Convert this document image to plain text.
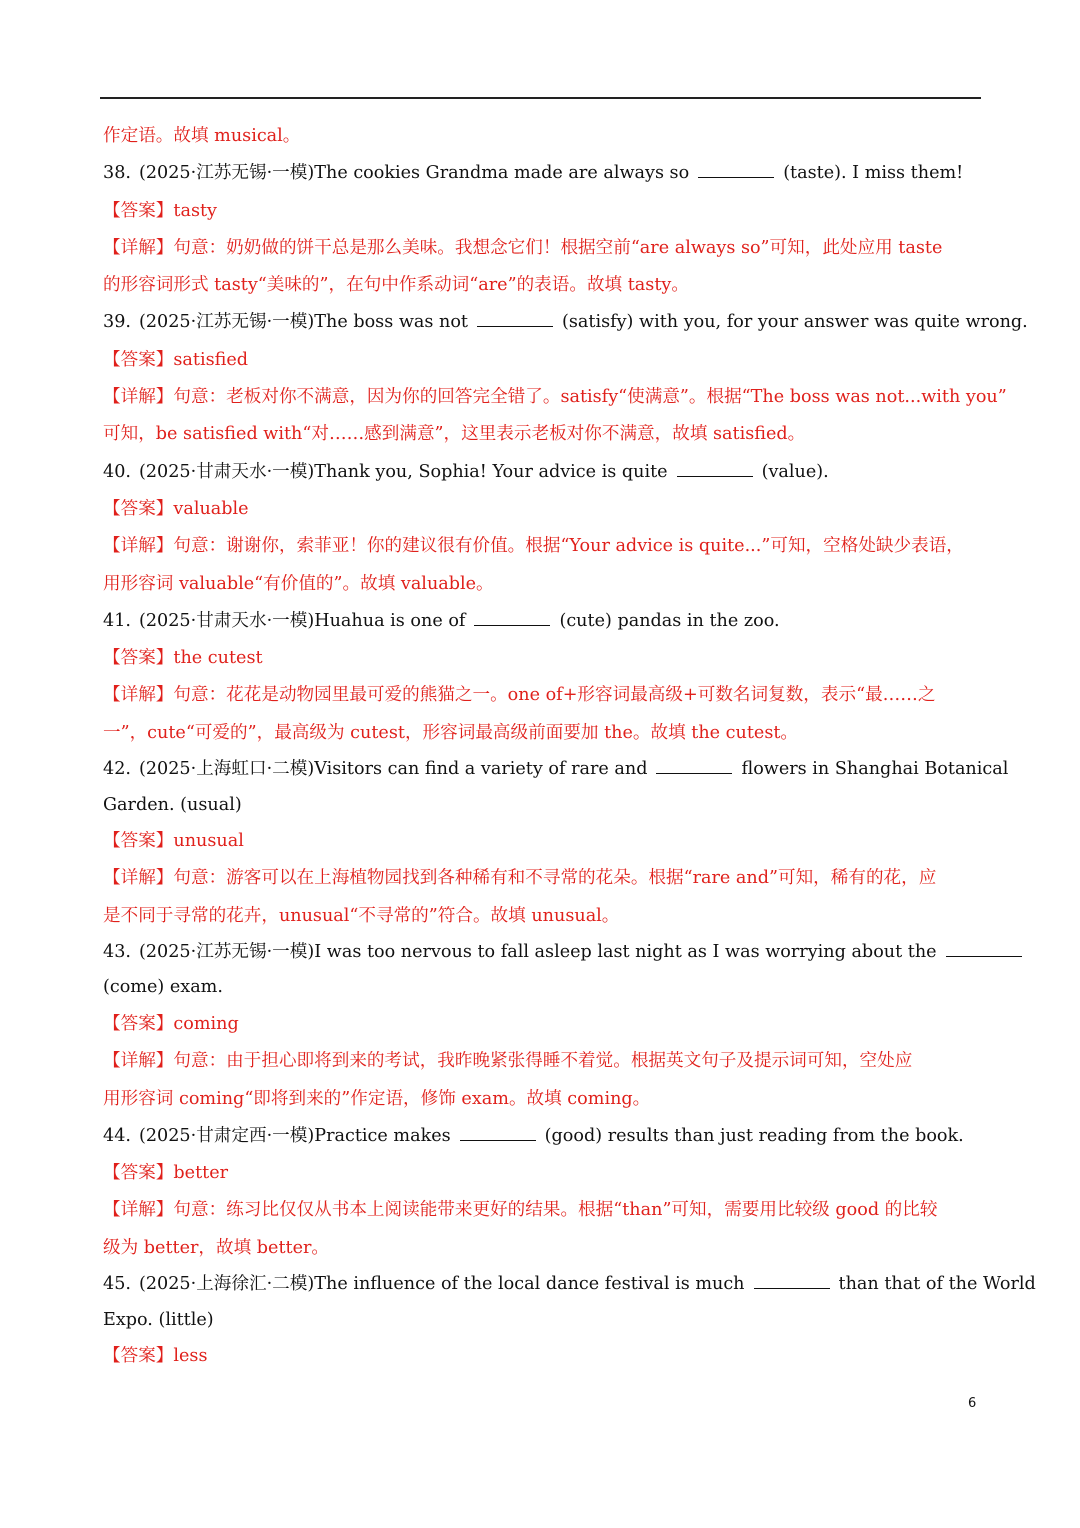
作定语。故填 musical。
38. (2025·江苏无锡·一模)The cookies Grandma made are always so	(taste). I miss them!
【答案】tasty
【详解】句意：奶奶做的饼干总是那么美味。我想念它们！根据空前“are always so”可知，此处应用 taste
的形容词形式 tasty“美味的”，在句中作系动词“are”的表语。故填 tasty。
39. (2025·江苏无锡·一模)The boss was not	(satisfy) with you, for your answer was quite wrong.
【答案】satisfied
【详解】句意：老板对你不满意，因为你的回答完全错了。satisfy“使满意”。根据“The boss was not...with you”
可知，be satisfied with“对……感到满意”，这里表示老板对你不满意，故填 satisfied。
40. (2025·甘肃天水·一模)Thank you, Sophia! Your advice is quite	(value).
【答案】valuable
【详解】句意：谢谢你，索菲亚！你的建议很有价值。根据“Your advice is quite...”可知，空格处缺少表语，
用形容词 valuable“有价值的”。故填 valuable。
41. (2025·甘肃天水·一模)Huahua is one of	(cute) pandas in the zoo.
【答案】the cutest
【详解】句意：花花是动物园里最可爱的熊猫之一。one of+形容词最高级+可数名词复数，表示“最……之
一”，cute“可爱的”，最高级为 cutest，形容词最高级前面要加 the。故填 the cutest。
42. (2025·上海虹口·二模)Visitors can find a variety of rare and	flowers in Shanghai Botanical
Garden. (usual)
【答案】unusual
【详解】句意：游客可以在上海植物园找到各种稀有和不寻常的花朵。根据“rare and”可知，稀有的花，应
是不同于寻常的花卉，unusual“不寻常的”符合。故填 unusual。
43. (2025·江苏无锡·一模)I was too nervous to fall asleep last night as I was worrying about the
(come) exam.
【答案】coming
【详解】句意：由于担心即将到来的考试，我昨晚紧张得睡不着觉。根据英文句子及提示词可知，空处应
用形容词 coming“即将到来的”作定语，修饰 exam。故填 coming。
44. (2025·甘肃定西·一模)Practice makes	(good) results than just reading from the book.
【答案】better
【详解】句意：练习比仅仅从书本上阅读能带来更好的结果。根据“than”可知，需要用比较级 good 的比较
级为 better，故填 better。
45. (2025·上海徐汇·二模)The influence of the local dance festival is much	than that of the World
Expo. (little)
【答案】less
6
